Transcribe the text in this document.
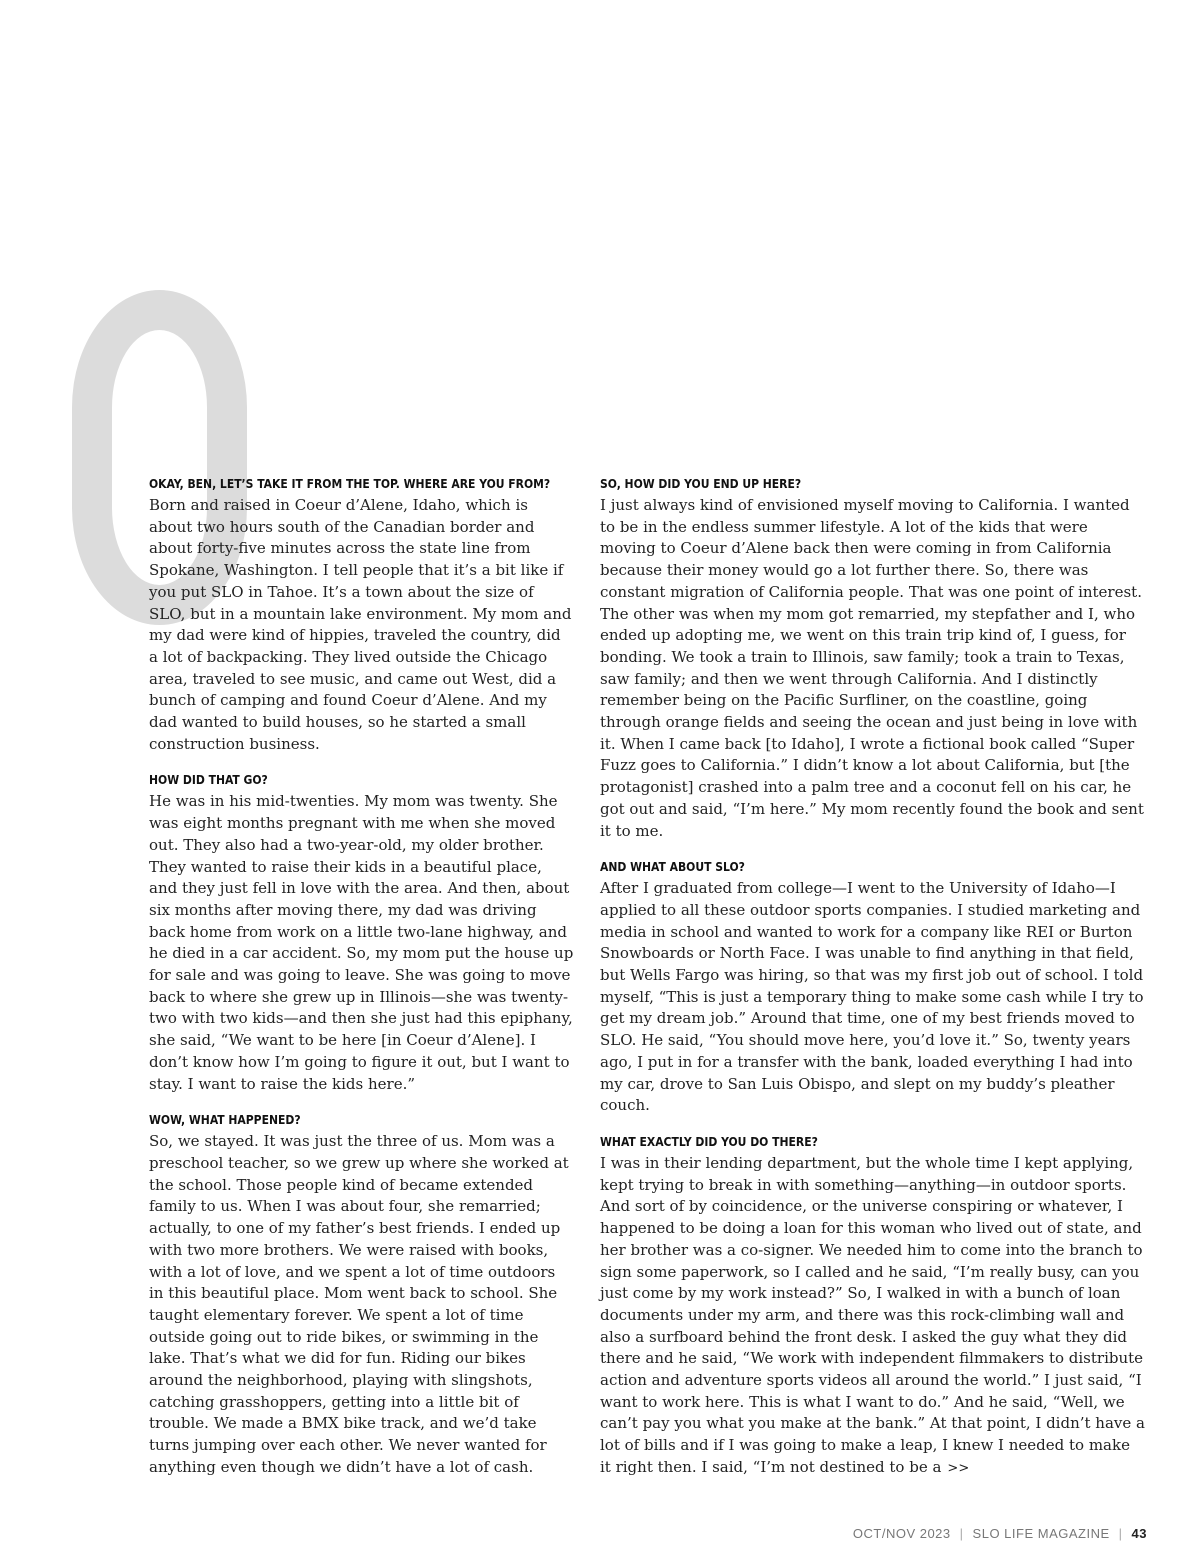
OKAY, BEN, LET’S TAKE IT FROM THE TOP. WHERE ARE YOU FROM?

Born and raised in Coeur d’Alene, Idaho, which is about two hours south of the Canadian border and about forty-five minutes across the state line from Spokane, Washington. I tell people that it’s a bit like if you put SLO in Tahoe. It’s a town about the size of SLO, but in a mountain lake environment. My mom and my dad were kind of hippies, traveled the country, did a lot of backpacking. They lived outside the Chicago area, traveled to see music, and came out West, did a bunch of camping and found Coeur d’Alene. And my dad wanted to build houses, so he started a small construction business.

HOW DID THAT GO?

He was in his mid-twenties. My mom was twenty. She was eight months pregnant with me when she moved out. They also had a two-year-old, my older brother. They wanted to raise their kids in a beautiful place, and they just fell in love with the area. And then, about six months after moving there, my dad was driving back home from work on a little two-lane highway, and he died in a car accident. So, my mom put the house up for sale and was going to leave. She was going to move back to where she grew up in Illinois—she was twenty-two with two kids—and then she just had this epiphany, she said, “We want to be here [in Coeur d’Alene]. I don’t know how I’m going to figure it out, but I want to stay. I want to raise the kids here.”

WOW, WHAT HAPPENED?

So, we stayed. It was just the three of us. Mom was a preschool teacher, so we grew up where she worked at the school. Those people kind of became extended family to us. When I was about four, she remarried; actually, to one of my father’s best friends. I ended up with two more brothers. We were raised with books, with a lot of love, and we spent a lot of time outdoors in this beautiful place. Mom went back to school. She taught elementary forever. We spent a lot of time outside going out to ride bikes, or swimming in the lake. That’s what we did for fun. Riding our bikes around the neighborhood, playing with slingshots, catching grasshoppers, getting into a little bit of trouble. We made a BMX bike track, and we’d take turns jumping over each other. We never wanted for anything even though we didn’t have a lot of cash.

SO, HOW DID YOU END UP HERE?

I just always kind of envisioned myself moving to California. I wanted to be in the endless summer lifestyle. A lot of the kids that were moving to Coeur d’Alene back then were coming in from California because their money would go a lot further there. So, there was constant migration of California people. That was one point of interest. The other was when my mom got remarried, my stepfather and I, who ended up adopting me, we went on this train trip kind of, I guess, for bonding. We took a train to Illinois, saw family; took a train to Texas, saw family; and then we went through California. And I distinctly remember being on the Pacific Surfliner, on the coastline, going through orange fields and seeing the ocean and just being in love with it. When I came back [to Idaho], I wrote a fictional book called “Super Fuzz goes to California.” I didn’t know a lot about California, but [the protagonist] crashed into a palm tree and a coconut fell on his car, he got out and said, “I’m here.” My mom recently found the book and sent it to me.

AND WHAT ABOUT SLO?

After I graduated from college—I went to the University of Idaho—I applied to all these outdoor sports companies. I studied marketing and media in school and wanted to work for a company like REI or Burton Snowboards or North Face. I was unable to find anything in that field, but Wells Fargo was hiring, so that was my first job out of school. I told myself, “This is just a temporary thing to make some cash while I try to get my dream job.” Around that time, one of my best friends moved to SLO. He said, “You should move here, you’d love it.” So, twenty years ago, I put in for a transfer with the bank, loaded everything I had into my car, drove to San Luis Obispo, and slept on my buddy’s pleather couch.

WHAT EXACTLY DID YOU DO THERE?

I was in their lending department, but the whole time I kept applying, kept trying to break in with something—anything—in outdoor sports. And sort of by coincidence, or the universe conspiring or whatever, I happened to be doing a loan for this woman who lived out of state, and her brother was a co-signer. We needed him to come into the branch to sign some paperwork, so I called and he said, “I’m really busy, can you just come by my work instead?” So, I walked in with a bunch of loan documents under my arm, and there was this rock-climbing wall and also a surfboard behind the front desk. I asked the guy what they did there and he said, “We work with independent filmmakers to distribute action and adventure sports videos all around the world.” I just said, “I want to work here. This is what I want to do.” And he said, “Well, we can’t pay you what you make at the bank.” At that point, I didn’t have a lot of bills and if I was going to make a leap, I knew I needed to make it right then. I said, “I’m not destined to be a >>

OCT/NOV 2023 | SLO LIFE MAGAZINE | 43
